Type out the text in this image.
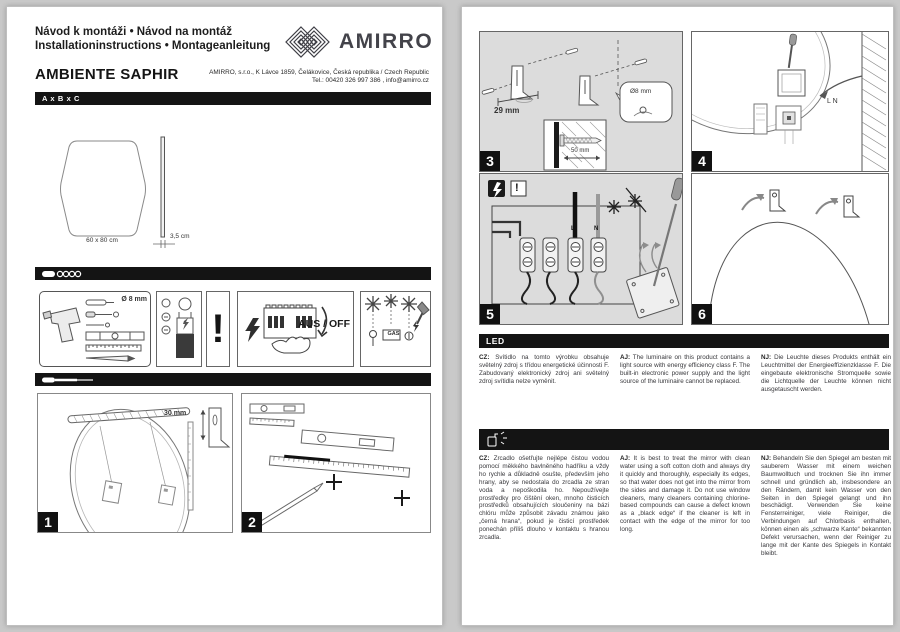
Návod k montáži • Návod na montáž
Installationinstructions • Montageanleitung	AMIRRO
AMBIENTE SAPHIR	AMIRRO, s.r.o., K Lávce 1859, Čelákovice, Česká republika / Czech Republic
Tel.: 00420 326 997 386 , info@amirro.cz
A x B x C
60 x 80 cm
3,5 cm
Ø 8 mm
!	AUS / OFF
GAS
30 mm
1	2
29 mm
Ø8 mm
50 mm
3
L N
4
!
L	N
5	6
LED

CZ: Svítidlo na tomto výrobku obsahuje světelný zdroj s třídou energetické účinnosti F. Zabudovaný elektronický zdroj ani světelný zdroj svítidla nelze vyměnit.

AJ: The luminaire on this product contains a light source with energy efficiency class F. The built-in electronic power supply and the light source of the luminaire cannot be replaced.

NJ: Die Leuchte dieses Produkts enthält ein Leuchtmittel der Energieeffizienzklasse F. Die eingebaute elektronische Stromquelle sowie die Lichtquelle der Leuchte können nicht ausgetauscht werden.

CZ: Zrcadlo ošetřujte nejlépe čistou vodou pomocí měkkého bavlněného hadříku a vždy ho rychle a důkladně osušte, především jeho hrany, aby se nedostala do zrcadla ze stran voda a nepoškodila ho. Nepoužívejte prostředky pro čištění oken, mnoho čisticích prostředků obsahujících sloučeniny na bázi chlóru může způsobit závadu známou jako „černá hrana“, pokud je čisticí prostředek ponechán příliš dlouho v kontaktu s hranou zrcadla.

AJ: It is best to treat the mirror with clean water using a soft cotton cloth and always dry it quickly and thoroughly, especially its edges, so that water does not get into the mirror from the sides and damage it. Do not use window cleaners, many cleaners containing chlorine-based compounds can cause a defect known as a „black edge“ if the cleaner is left in contact with the edge of the mirror for too long.

NJ: Behandeln Sie den Spiegel am besten mit sauberem Wasser mit einem weichen Baumwolltuch und trocknen Sie ihn immer schnell und gründlich ab, insbesondere an den Rändern, damit kein Wasser von den Seiten in den Spiegel gelangt und ihn beschädigt. Verwenden Sie keine Fensterreiniger, viele Reiniger, die Verbindungen auf Chlorbasis enthalten, können einen als „schwarze Kante“ bekannten Defekt verursachen, wenn der Reiniger zu lange mit der Kante des Spiegels in Kontakt bleibt.
